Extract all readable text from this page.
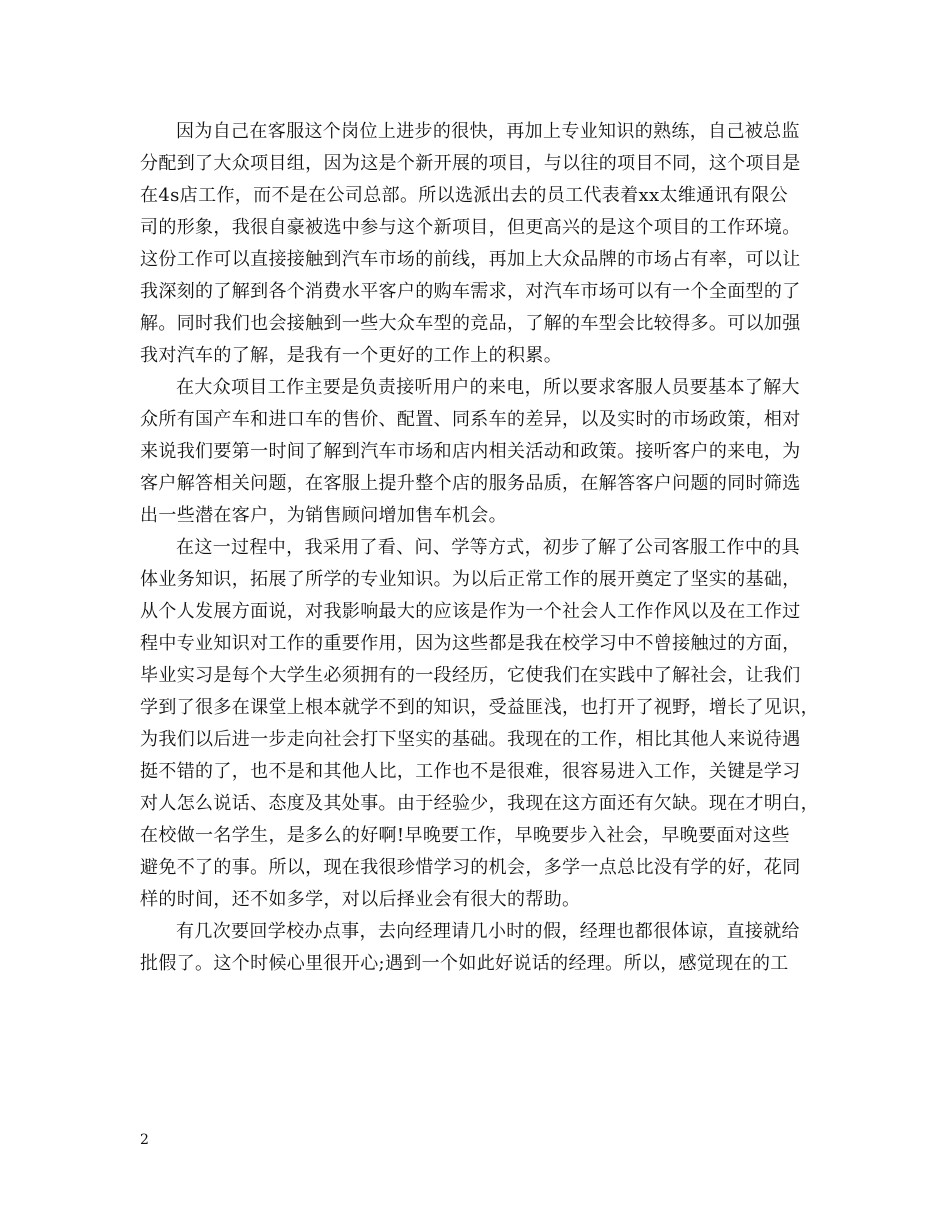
因为自己在客服这个岗位上进步的很快，再加上专业知识的熟练，自己被总监
分配到了大众项目组，因为这是个新开展的项目，与以往的项目不同，这个项目是
在4s店工作，而不是在公司总部。所以选派出去的员工代表着xx太维通讯有限公
司的形象，我很自豪被选中参与这个新项目，但更高兴的是这个项目的工作环境。
这份工作可以直接接触到汽车市场的前线，再加上大众品牌的市场占有率，可以让
我深刻的了解到各个消费水平客户的购车需求，对汽车市场可以有一个全面型的了
解。同时我们也会接触到一些大众车型的竞品，了解的车型会比较得多。可以加强
我对汽车的了解，是我有一个更好的工作上的积累。

在大众项目工作主要是负责接听用户的来电，所以要求客服人员要基本了解大
众所有国产车和进口车的售价、配置、同系车的差异，以及实时的市场政策，相对
来说我们要第一时间了解到汽车市场和店内相关活动和政策。接听客户的来电，为
客户解答相关问题，在客服上提升整个店的服务品质，在解答客户问题的同时筛选
出一些潜在客户，为销售顾问增加售车机会。

在这一过程中，我采用了看、问、学等方式，初步了解了公司客服工作中的具
体业务知识，拓展了所学的专业知识。为以后正常工作的展开奠定了坚实的基础，
从个人发展方面说，对我影响最大的应该是作为一个社会人工作作风以及在工作过
程中专业知识对工作的重要作用，因为这些都是我在校学习中不曾接触过的方面，
毕业实习是每个大学生必须拥有的一段经历，它使我们在实践中了解社会，让我们
学到了很多在课堂上根本就学不到的知识，受益匪浅，也打开了视野，增长了见识，
为我们以后进一步走向社会打下坚实的基础。我现在的工作，相比其他人来说待遇
挺不错的了，也不是和其他人比，工作也不是很难，很容易进入工作，关键是学习
对人怎么说话、态度及其处事。由于经验少，我现在这方面还有欠缺。现在才明白，
在校做一名学生，是多么的好啊!早晚要工作，早晚要步入社会，早晚要面对这些
避免不了的事。所以，现在我很珍惜学习的机会，多学一点总比没有学的好，花同
样的时间，还不如多学，对以后择业会有很大的帮助。

有几次要回学校办点事，去向经理请几小时的假，经理也都很体谅，直接就给
批假了。这个时候心里很开心;遇到一个如此好说话的经理。所以，感觉现在的工

2
